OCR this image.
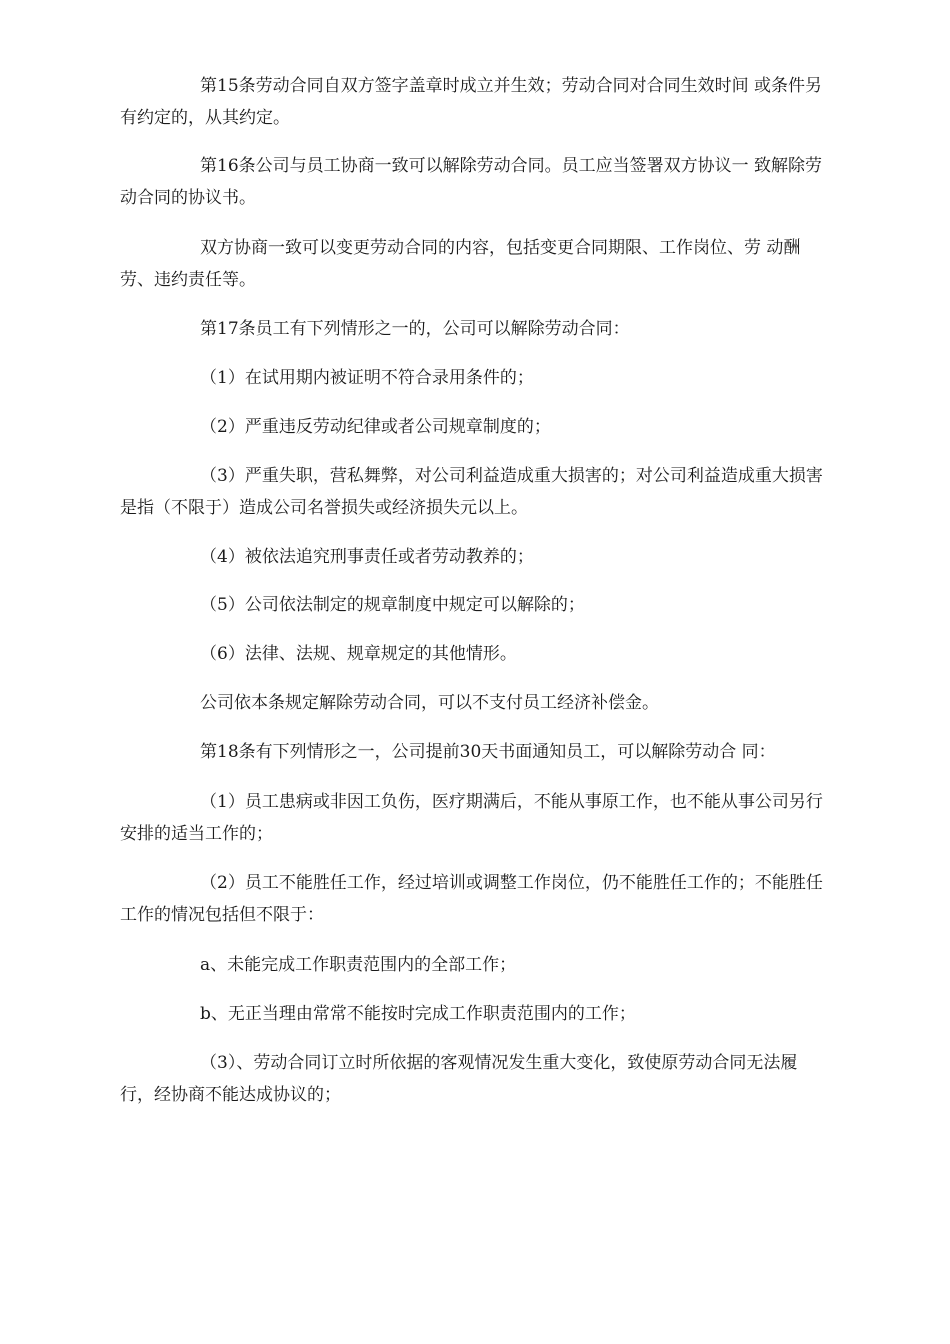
第15条劳动合同自双方签字盖章时成立并生效；劳动合同对合同生效时间 或条件另有约定的，从其约定。

第16条公司与员工协商一致可以解除劳动合同。员工应当签署双方协议一 致解除劳动合同的协议书。

双方协商一致可以变更劳动合同的内容，包括变更合同期限、工作岗位、劳 动酬劳、违约责任等。

第17条员工有下列情形之一的，公司可以解除劳动合同：

（1）在试用期内被证明不符合录用条件的；

（2）严重违反劳动纪律或者公司规章制度的；

（3）严重失职，营私舞弊，对公司利益造成重大损害的；对公司利益造成重大损害是指（不限于）造成公司名誉损失或经济损失元以上。

（4）被依法追究刑事责任或者劳动教养的；

（5）公司依法制定的规章制度中规定可以解除的；

（6）法律、法规、规章规定的其他情形。

公司依本条规定解除劳动合同，可以不支付员工经济补偿金。

第18条有下列情形之一，公司提前30天书面通知员工，可以解除劳动合 同：

（1）员工患病或非因工负伤，医疗期满后，不能从事原工作，也不能从事公司另行安排的适当工作的；

（2）员工不能胜任工作，经过培训或调整工作岗位，仍不能胜任工作的；不能胜任工作的情况包括但不限于：

a、未能完成工作职责范围内的全部工作；

b、无正当理由常常不能按时完成工作职责范围内的工作；

（3）、劳动合同订立时所依据的客观情况发生重大变化，致使原劳动合同无法履行，经协商不能达成协议的；
